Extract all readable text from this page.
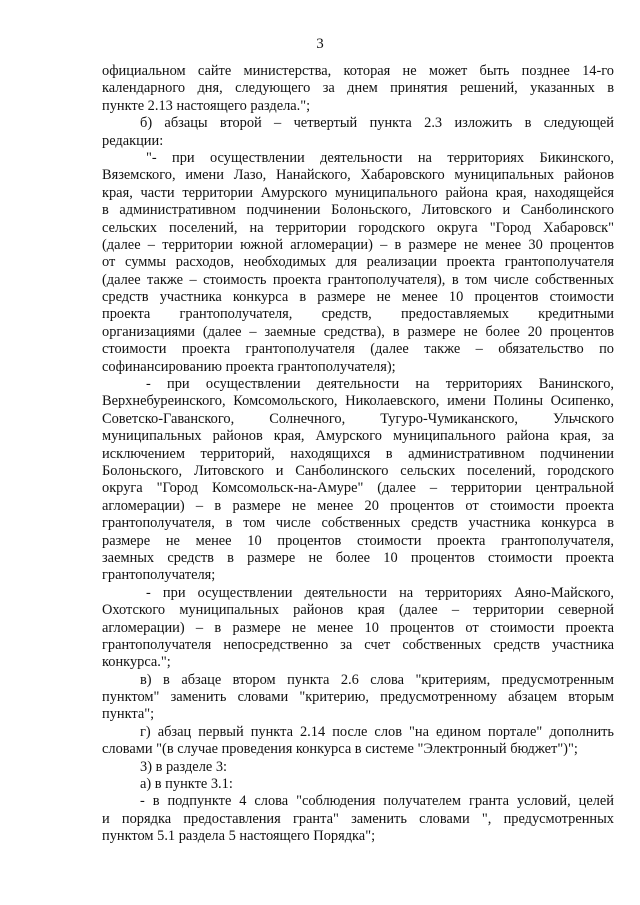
3
официальном сайте министерства, которая не может быть позднее 14-го
календарного дня, следующего за днем принятия решений, указанных в
пункте 2.13 настоящего раздела.";
б) абзацы второй – четвертый пункта 2.3 изложить в следующей
редакции:
"- при осуществлении деятельности на территориях Бикинского,
Вяземского, имени Лазо, Нанайского, Хабаровского муниципальных районов
края, части территории Амурского муниципального района края, находящейся
в административном подчинении Болоньского, Литовского и Санболинского
сельских поселений, на территории городского округа "Город Хабаровск"
(далее – территории южной агломерации) – в размере не менее 30 процентов
от суммы расходов, необходимых для реализации проекта грантополучателя
(далее также – стоимость проекта грантополучателя), в том числе собственных
средств участника конкурса в размере не менее 10 процентов стоимости
проекта грантополучателя, средств, предоставляемых кредитными
организациями (далее – заемные средства), в размере не более 20 процентов
стоимости проекта грантополучателя (далее также – обязательство по
софинансированию проекта грантополучателя);
- при осуществлении деятельности на территориях Ванинского,
Верхнебуреинского, Комсомольского, Николаевского, имени Полины Осипенко,
Советско-Гаванского, Солнечного, Тугуро-Чумиканского, Ульчского
муниципальных районов края, Амурского муниципального района края, за
исключением территорий, находящихся в административном подчинении
Болоньского, Литовского и Санболинского сельских поселений, городского
округа "Город Комсомольск-на-Амуре" (далее – территории центральной
агломерации) – в размере не менее 20 процентов от стоимости проекта
грантополучателя, в том числе собственных средств участника конкурса в
размере не менее 10 процентов стоимости проекта грантополучателя,
заемных средств в размере не более 10 процентов стоимости проекта
грантополучателя;
- при осуществлении деятельности на территориях Аяно-Майского,
Охотского муниципальных районов края (далее – территории северной
агломерации) – в размере не менее 10 процентов от стоимости проекта
грантополучателя непосредственно за счет собственных средств участника
конкурса.";
в) в абзаце втором пункта 2.6 слова "критериям, предусмотренным
пунктом" заменить словами "критерию, предусмотренному абзацем вторым
пункта";
г) абзац первый пункта 2.14 после слов "на едином портале" дополнить
словами "(в случае проведения конкурса в системе "Электронный бюджет")";
3) в разделе 3:
а) в пункте 3.1:
- в подпункте 4 слова "соблюдения получателем гранта условий, целей
и порядка предоставления гранта" заменить словами ", предусмотренных
пунктом 5.1 раздела 5 настоящего Порядка";
